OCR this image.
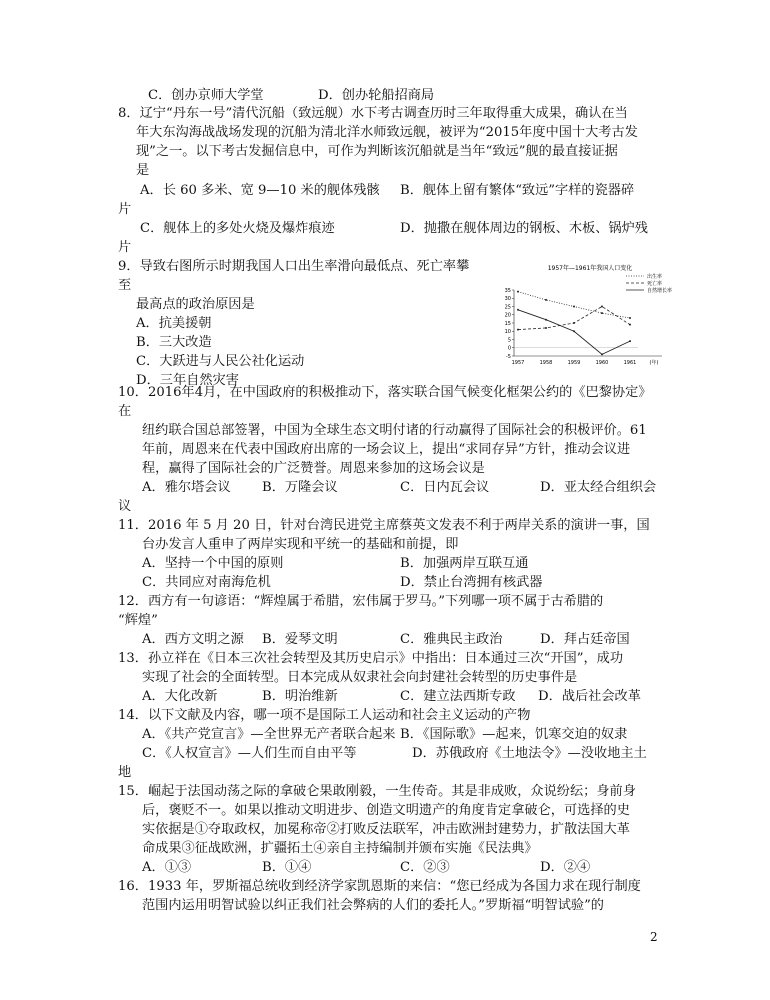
C．创办京师大学堂	D．创办轮船招商局
8．辽宁“丹东一号”清代沉船（致远舰）水下考古调查历时三年取得重大成果，确认在当
年大东沟海战战场发现的沉船为清北洋水师致远舰，被评为“2015年度中国十大考古发
现”之一。以下考古发掘信息中，可作为判断该沉船就是当年“致远”舰的最直接证据
是
A．长 60 多米、宽 9—10 米的舰体残骸 B．舰体上留有繁体“致远”字样的瓷器碎
片
C．舰体上的多处火烧及爆炸痕迹	D．抛撒在舰体周边的钢板、木板、锅炉残
片
9．导致右图所示时期我国人口出生率滑向最低点、死亡率攀
至
最高点的政治原因是
A．抗美援朝
B．三大改造
C．大跃进与人民公社化运动
D．三年自然灾害
1957年—1961年我国人口变化
35
30
25
20
15
10
5
0
-5
1957	1958	1959	1960	1961	(年)
出生率
死亡率
自然增长率
10．2016年4月，在中国政府的积极推动下，落实联合国气候变化框架公约的《巴黎协定》
在
纽约联合国总部签署，中国为全球生态文明付诸的行动赢得了国际社会的积极评价。61
年前，周恩来在代表中国政府出席的一场会议上，提出“求同存异”方针，推动会议进
程，赢得了国际社会的广泛赞誉。周恩来参加的这场会议是
A．雅尔塔会议 B．万隆会议	C．日内瓦会议	D．亚太经合组织会
议
11．2016 年 5 月 20 日，针对台湾民进党主席蔡英文发表不利于两岸关系的演讲一事，国
台办发言人重申了两岸实现和平统一的基础和前提，即
A．坚持一个中国的原则	B．加强两岸互联互通
C．共同应对南海危机	D．禁止台湾拥有核武器
12．西方有一句谚语：“辉煌属于希腊，宏伟属于罗马。”下列哪一项不属于古希腊的
“辉煌”
A．西方文明之源 B．爱琴文明	C．雅典民主政治	D．拜占廷帝国
13．孙立祥在《日本三次社会转型及其历史启示》中指出：日本通过三次“开国”，成功
实现了社会的全面转型。日本完成从奴隶社会向封建社会转型的历史事件是
A．大化改新	B．明治维新	C．建立法西斯专政 D．战后社会改革
14．以下文献及内容，哪一项不是国际工人运动和社会主义运动的产物
A．《共产党宣言》—全世界无产者联合起来 B．《国际歌》—起来，饥寒交迫的奴隶
C．《人权宣言》—人们生而自由平等	D．苏俄政府《土地法令》—没收地主土
地
15．崛起于法国动荡之际的拿破仑果敢刚毅，一生传奇。其是非成败，众说纷纭；身前身
后，褒贬不一。如果以推动文明进步、创造文明遗产的角度肯定拿破仑，可选择的史
实依据是①夺取政权，加冕称帝②打败反法联军，冲击欧洲封建势力，扩散法国大革
命成果③征战欧洲，扩疆拓土④亲自主持编制并颁布实施《民法典》
A．①③	B．①④	C．②③	D．②④
16．1933 年，罗斯福总统收到经济学家凯恩斯的来信：“您已经成为各国力求在现行制度
范围内运用明智试验以纠正我们社会弊病的人们的委托人。”罗斯福“明智试验”的
2
